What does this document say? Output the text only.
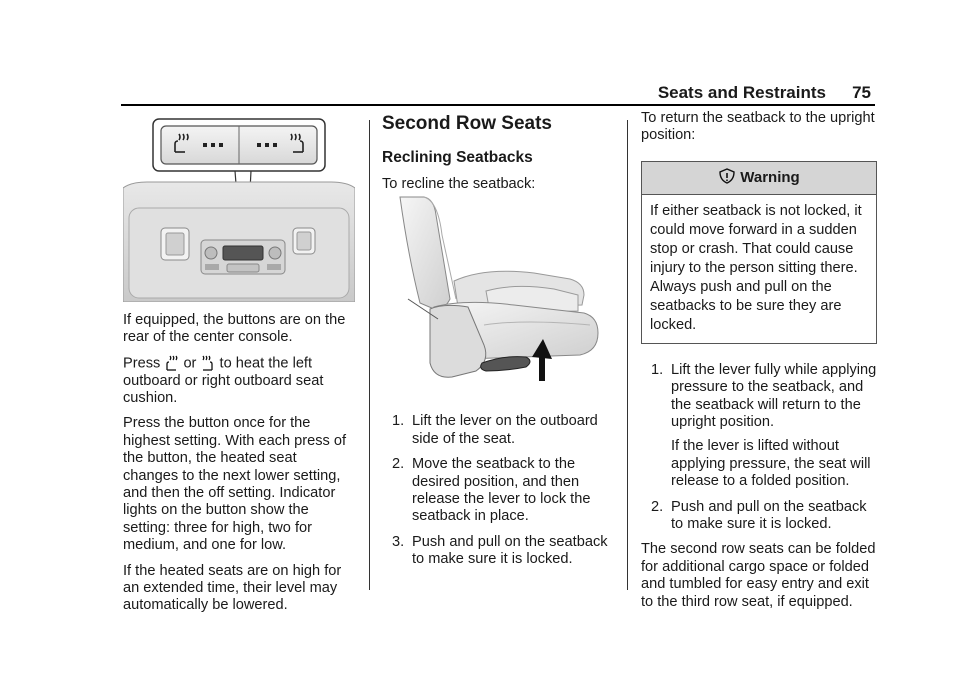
Seats and Restraints 75

If equipped, the buttons are on the rear of the center console.

Press or to heat the left outboard or right outboard seat cushion.

Press the button once for the highest setting. With each press of the button, the heated seat changes to the next lower setting, and then the off setting. Indicator lights on the button show the setting: three for high, two for medium, and one for low.

If the heated seats are on high for an extended time, their level may automatically be lowered.

Second Row Seats
Reclining Seatbacks

To recline the seatback:

1. Lift the lever on the outboard side of the seat.
2. Move the seatback to the desired position, and then release the lever to lock the seatback in place.
3. Push and pull on the seatback to make sure it is locked.

To return the seatback to the upright position:

Warning
If either seatback is not locked, it could move forward in a sudden stop or crash. That could cause injury to the person sitting there. Always push and pull on the seatbacks to be sure they are locked.
1. Lift the lever fully while applying pressure to the seatback, and the seatback will return to the upright position.
If the lever is lifted without applying pressure, the seat will release to a folded position.
2. Push and pull on the seatback to make sure it is locked.

The second row seats can be folded for additional cargo space or folded and tumbled for easy entry and exit to the third row seat, if equipped.
